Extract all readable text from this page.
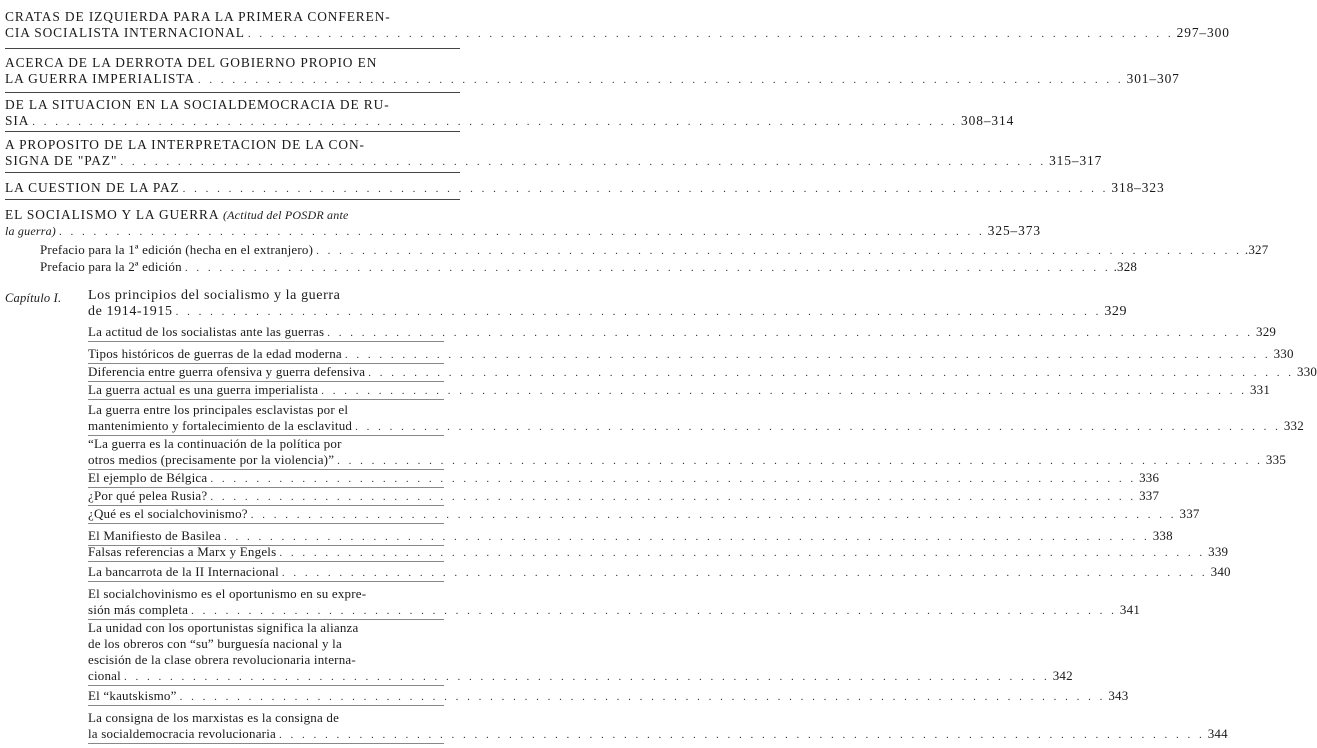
CRATAS DE IZQUIERDA PARA LA PRIMERA CONFEREN-
CIA SOCIALISTA INTERNACIONAL . . .	297–300
ACERCA DE LA DERROTA DEL GOBIERNO PROPIO EN
LA GUERRA IMPERIALISTA . . .	301–307
DE LA SITUACION EN LA SOCIALDEMOCRACIA DE RU-
SIA . . .	308–314
A PROPOSITO DE LA INTERPRETACION DE LA CON-
SIGNA DE "PAZ" . . .	315–317
LA CUESTION DE LA PAZ . . .	318–323
EL SOCIALISMO Y LA GUERRA (Actitud del POSDR ante
la guerra) . . .	325–373
Prefacio para la 1ª edición (hecha en el extranjero) . . .	.327
Prefacio para la 2ª edición . . .	.328
Capítulo I. Los principios del socialismo y la guerra
de 1914-1915 . . .	329
La actitud de los socialistas ante las guerras . . .	329
Tipos históricos de guerras de la edad moderna . . .	330
Diferencia entre guerra ofensiva y guerra defensiva . . .	330
La guerra actual es una guerra imperialista . . .	331
La guerra entre los principales esclavistas por el
mantenimiento y fortalecimiento de la esclavitud . . .	332
“La guerra es la continuación de la política por
otros medios (precisamente por la violencia)” . . .	335
El ejemplo de Bélgica . . .	336
¿Por qué pelea Rusia? . . .	337
¿Qué es el socialchovinismo? . . .	337
El Manifiesto de Basilea . . .	338
Falsas referencias a Marx y Engels . . .	339
La bancarrota de la II Internacional . . .	340
El socialchovinismo es el oportunismo en su expre-
sión más completa . . .	341
La unidad con los oportunistas significa la alianza
de los obreros con “su” burguesía nacional y la
escisión de la clase obrera revolucionaria interna-
cional . . .	342
El “kautskismo” . . .	343
La consigna de los marxistas es la consigna de
la socialdemocracia revolucionaria . . .	344
